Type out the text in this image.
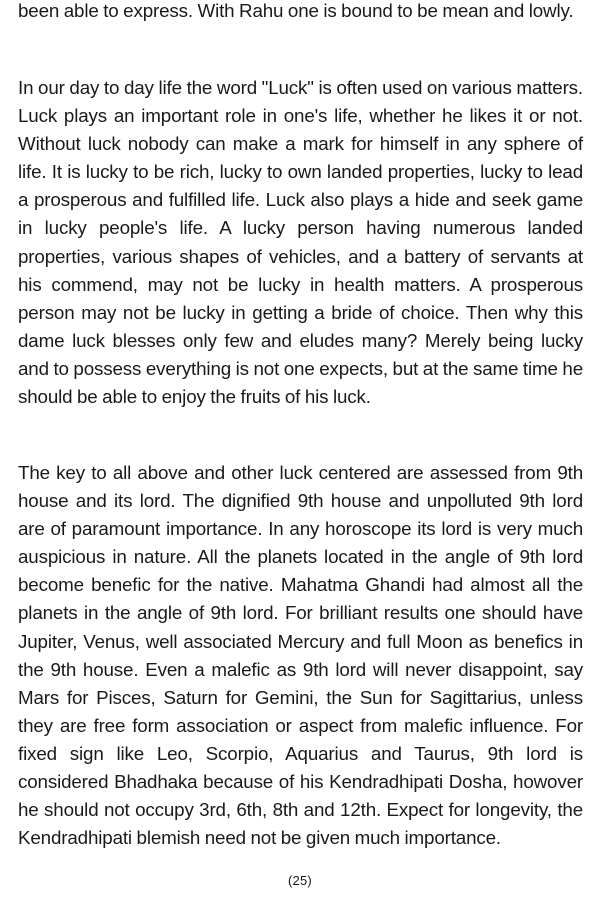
been able to express. With Rahu one is bound to be mean and lowly.

In our day to day life the word "Luck" is often used on various matters. Luck plays an important role in one's life, whether he likes it or not. Without luck nobody can make a mark for himself in any sphere of life. It is lucky to be rich, lucky to own landed properties, lucky to lead a prosperous and fulfilled life. Luck also plays a hide and seek game in lucky people's life. A lucky person having numerous landed properties, various shapes of vehicles, and a battery of servants at his commend, may not be lucky in health matters. A prosperous person may not be lucky in getting a bride of choice. Then why this dame luck blesses only few and eludes many? Merely being lucky and to possess everything is not one expects, but at the same time he should be able to enjoy the fruits of his luck.

The key to all above and other luck centered are assessed from 9th house and its lord. The dignified 9th house and unpolluted 9th lord are of paramount importance. In any horoscope its lord is very much auspicious in nature. All the planets located in the angle of 9th lord become benefic for the native. Mahatma Ghandi had almost all the planets in the angle of 9th lord. For brilliant results one should have Jupiter, Venus, well associated Mercury and full Moon as benefics in the 9th house. Even a malefic as 9th lord will never disappoint, say Mars for Pisces, Saturn for Gemini, the Sun for Sagittarius, unless they are free form association or aspect from malefic influence. For fixed sign like Leo, Scorpio, Aquarius and Taurus, 9th lord is considered Bhadhaka because of his Kendradhipati Dosha, howover he should not occupy 3rd, 6th, 8th and 12th. Expect for longevity, the Kendradhipati blemish need not be given much importance.

(25)
